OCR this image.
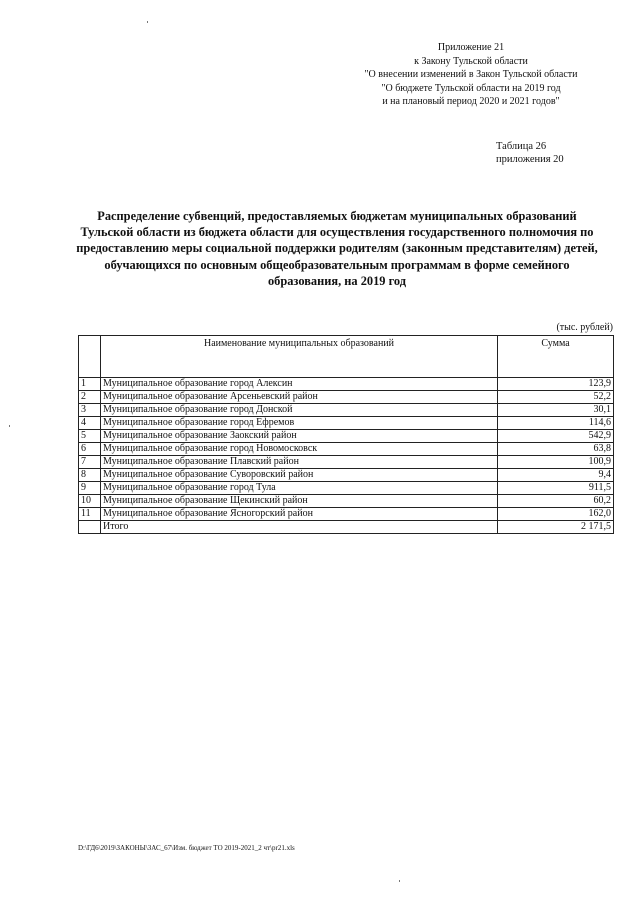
Приложение 21
к Закону Тульской области
"О внесении изменений в Закон Тульской области
"О бюджете Тульской области на 2019 год
и на плановый период 2020 и 2021 годов"
Таблица 26
приложения 20
Распределение субвенций, предоставляемых бюджетам муниципальных образований
Тульской области из бюджета области для осуществления государственного полномочия по
предоставлению меры социальной поддержки родителям (законным представителям) детей,
обучающихся по основным общеобразовательным программам в форме семейного
образования, на 2019 год
(тыс. рублей)
	Наименование муниципальных образований	Сумма
1	Муниципальное образование город Алексин	123,9
2	Муниципальное образование Арсеньевский район	52,2
3	Муниципальное образование город Донской	30,1
4	Муниципальное образование город Ефремов	114,6
5	Муниципальное образование Заокский район	542,9
6	Муниципальное образование город Новомосковск	63,8
7	Муниципальное образование Плавский район	100,9
8	Муниципальное образование Суворовский район	9,4
9	Муниципальное образование город Тула	911,5
10	Муниципальное образование Щекинский район	60,2
11	Муниципальное образование Ясногорский район	162,0
	Итого	2 171,5
D:\ГД6\2019\ЗАКОНЫ\ЗАС_67\Изм. бюджет ТО 2019-2021_2 чт\pr21.xls
